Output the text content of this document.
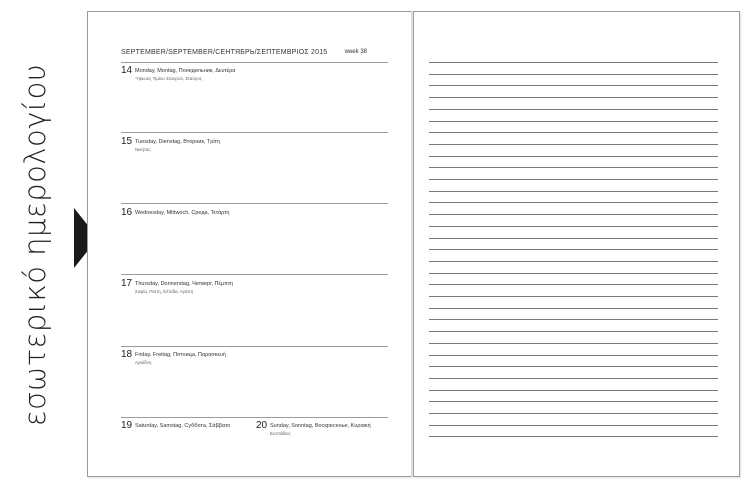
εσωτερικό ημερολογίου
SEPTEMBER/SEPTEMBER/СЕНТЯБРЬ/ΣΕΠΤΕΜΒΡΙΟΣ 2015	week 38
14 Monday, Montag, Понедельник, Δευτέρα
Ύψωσις Τιμίου Σταυρού, Σταύρος
15 Tuesday, Dienstag, Вторник, Τρίτη
Νικήτας
16 Wednesday, Mittwoch, Среда, Τετάρτη
17 Thursday, Donnerstag, Четверг, Πέμπτη
Σοφία, Πίστη, Ελπίδα, Αγάπη
18 Friday, Freitag, Пятница, Παρασκευή
Αριάδνη
19 Saturday, Samstag, Суббота, Σάββατο	20 Sunday, Sonntag, Воскресенье, Κυριακή
Ευστάθιος
